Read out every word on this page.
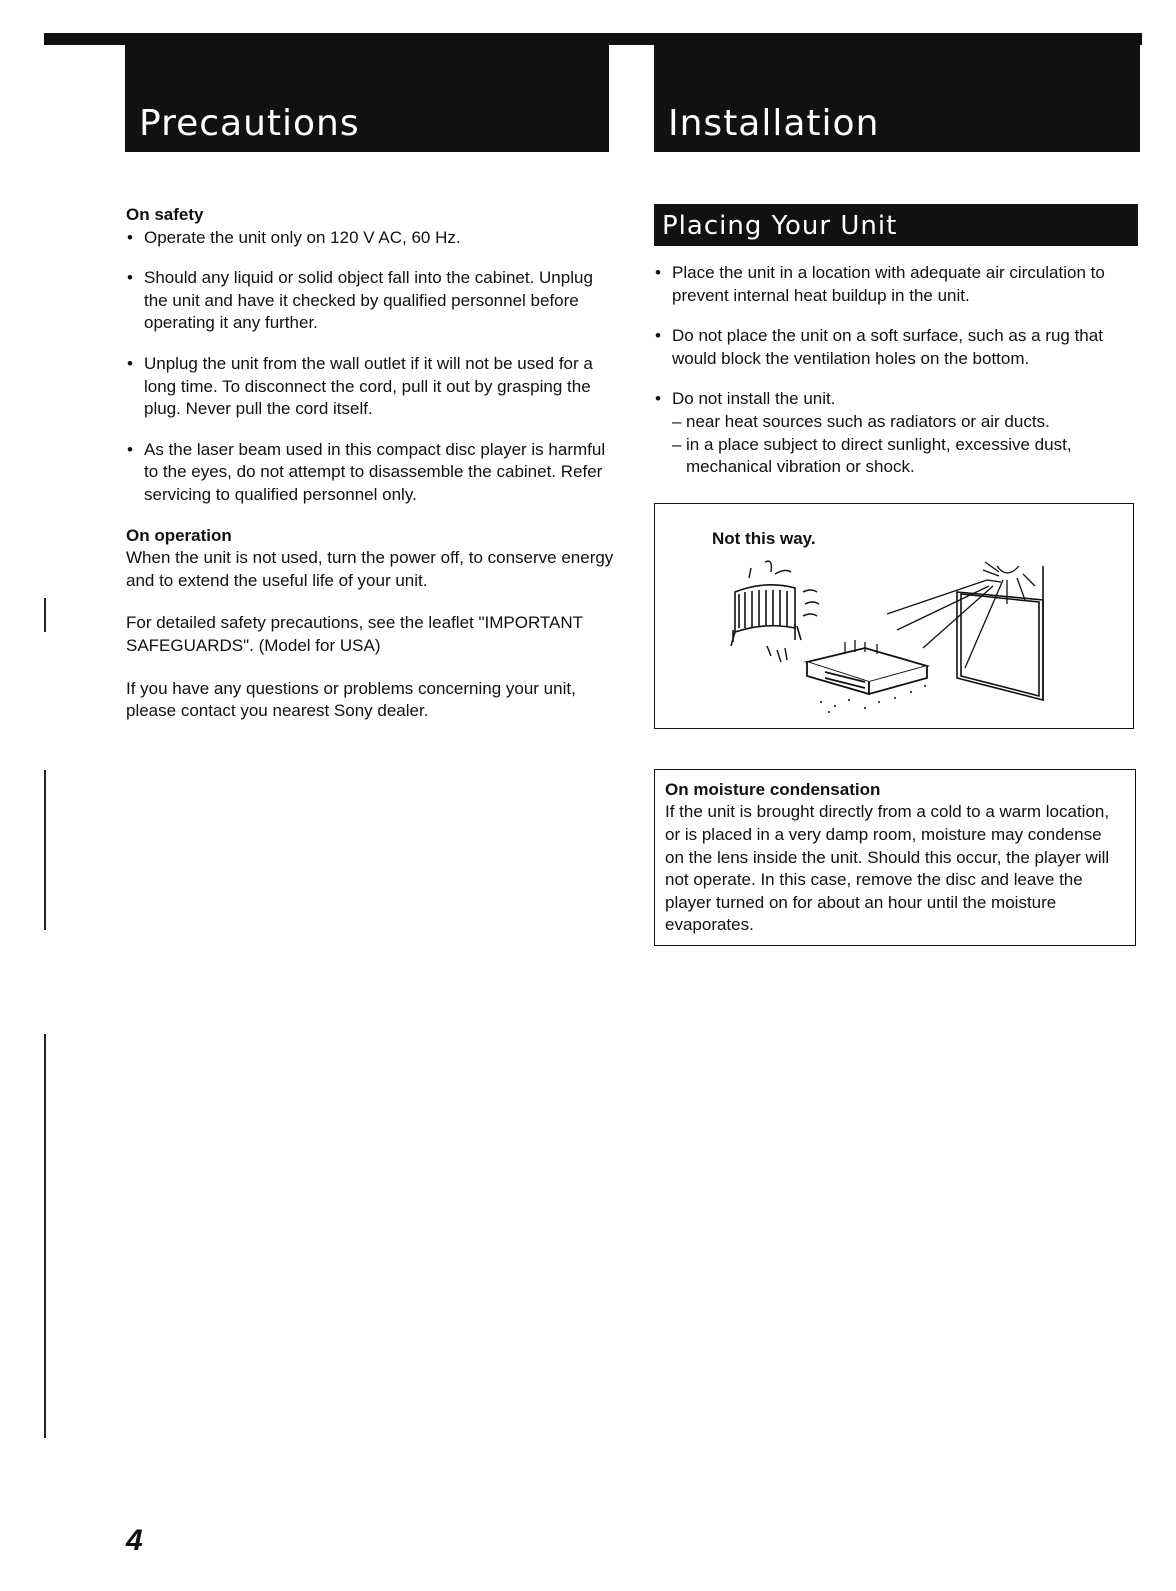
Precautions	Installation
On safety
• Operate the unit only on 120 V AC, 60 Hz.
• Should any liquid or solid object fall into the cabinet. Unplug the unit and have it checked by qualified personnel before operating it any further.
• Unplug the unit from the wall outlet if it will not be used for a long time. To disconnect the cord, pull it out by grasping the plug. Never pull the cord itself.
• As the laser beam used in this compact disc player is harmful to the eyes, do not attempt to disassemble the cabinet. Refer servicing to qualified personnel only.
On operation

When the unit is not used, turn the power off, to conserve energy and to extend the useful life of your unit.

For detailed safety precautions, see the leaflet "IMPORTANT SAFEGUARDS". (Model for USA)

If you have any questions or problems concerning your unit, please contact you nearest Sony dealer.

Placing Your Unit
• Place the unit in a location with adequate air circulation to prevent internal heat buildup in the unit.
• Do not place the unit on a soft surface, such as a rug that would block the ventilation holes on the bottom.
• Do not install the unit.
– near heat sources such as radiators or air ducts.
– in a place subject to direct sunlight, excessive dust, mechanical vibration or shock.
Not this way.
On moisture condensation

If the unit is brought directly from a cold to a warm location, or is placed in a very damp room, moisture may condense on the lens inside the unit. Should this occur, the player will not operate. In this case, remove the disc and leave the player turned on for about an hour until the moisture evaporates.

4
